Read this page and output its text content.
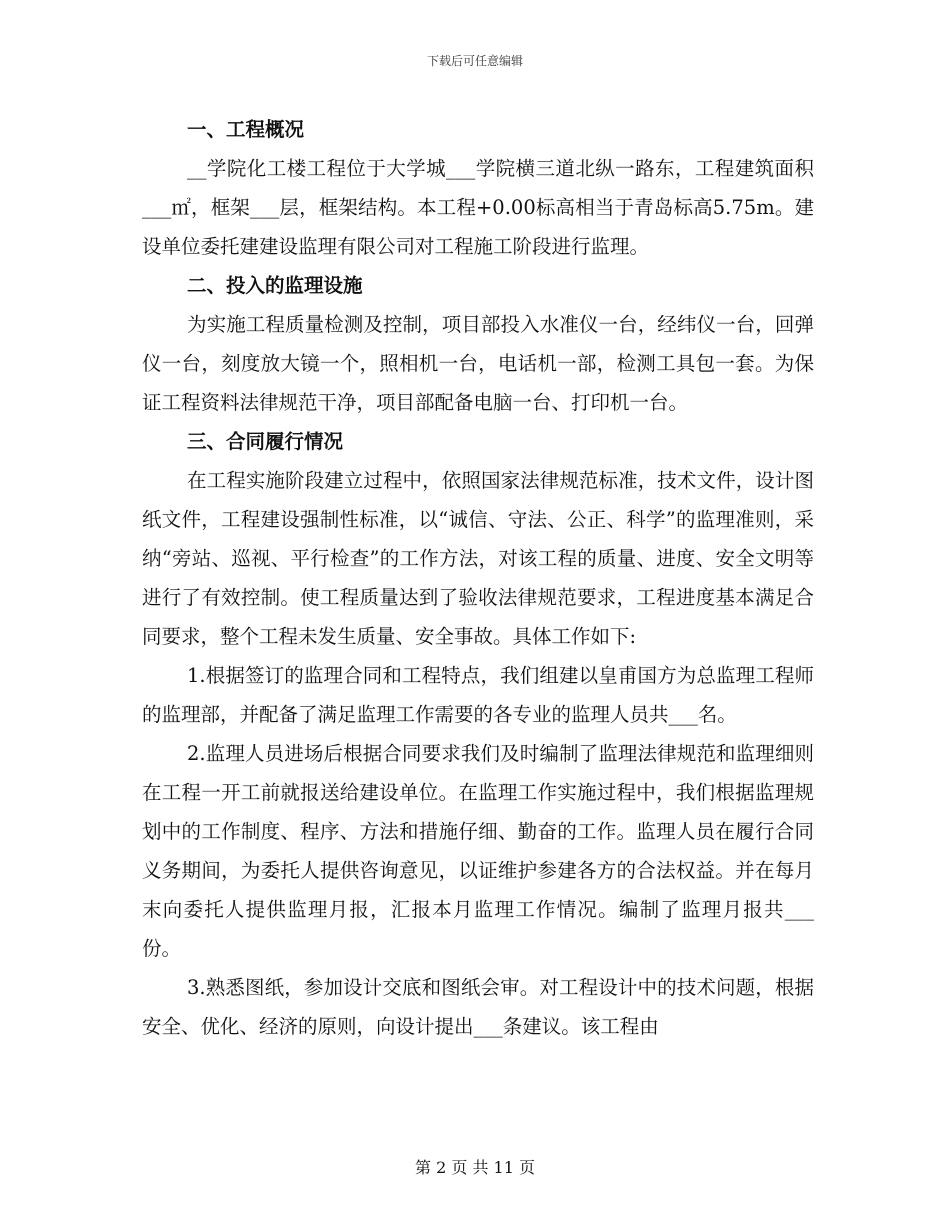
下载后可任意编辑

一、工程概况

__学院化工楼工程位于大学城___学院横三道北纵一路东，工程建筑面积___㎡，框架___层，框架结构。本工程+0.00标高相当于青岛标高5.75m。建设单位委托建建设监理有限公司对工程施工阶段进行监理。

二、投入的监理设施

为实施工程质量检测及控制，项目部投入水准仪一台，经纬仪一台，回弹仪一台，刻度放大镜一个，照相机一台，电话机一部，检测工具包一套。为保证工程资料法律规范干净，项目部配备电脑一台、打印机一台。

三、合同履行情况

在工程实施阶段建立过程中，依照国家法律规范标准，技术文件，设计图纸文件，工程建设强制性标准，以“诚信、守法、公正、科学”的监理准则，采纳“旁站、巡视、平行检查”的工作方法，对该工程的质量、进度、安全文明等进行了有效控制。使工程质量达到了验收法律规范要求，工程进度基本满足合同要求，整个工程未发生质量、安全事故。具体工作如下:

1.根据签订的监理合同和工程特点，我们组建以皇甫国方为总监理工程师的监理部，并配备了满足监理工作需要的各专业的监理人员共___名。

2.监理人员进场后根据合同要求我们及时编制了监理法律规范和监理细则在工程一开工前就报送给建设单位。在监理工作实施过程中，我们根据监理规划中的工作制度、程序、方法和措施仔细、勤奋的工作。监理人员在履行合同义务期间，为委托人提供咨询意见，以证维护参建各方的合法权益。并在每月末向委托人提供监理月报，汇报本月监理工作情况。编制了监理月报共___份。

3.熟悉图纸，参加设计交底和图纸会审。对工程设计中的技术问题，根据安全、优化、经济的原则，向设计提出___条建议。该工程由

第 2 页 共 11 页
